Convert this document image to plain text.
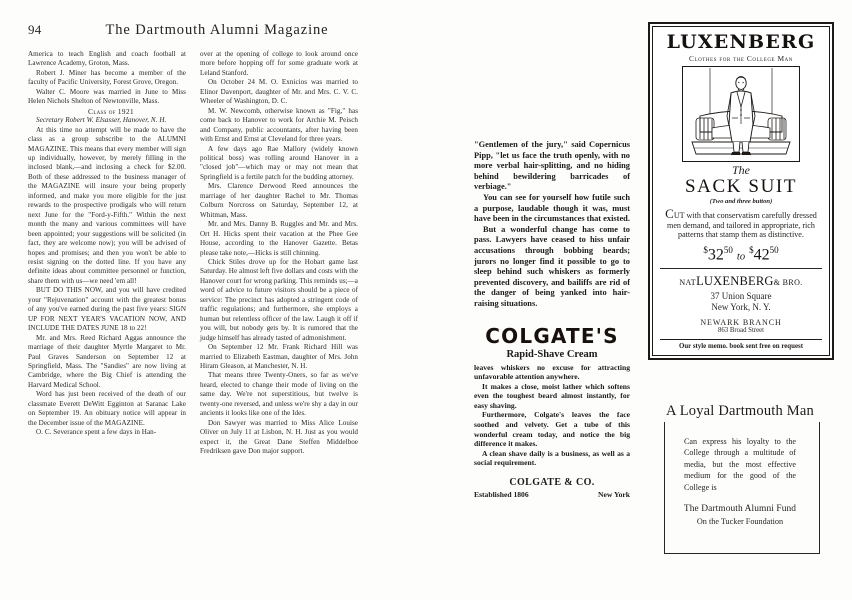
94	The Dartmouth Alumni Magazine

America to teach English and coach football at Lawrence Academy, Groton, Mass.

Robert J. Miner has become a member of the faculty of Pacific University, Forest Grove, Oregon.

Walter C. Moore was married in June to Miss Helen Nichols Shelton of Newtonville, Mass.

Class of 1921

Secretary Robert W. Elsasser, Hanover, N. H.

At this time no attempt will be made to have the class as a group subscribe to the ALUMNI MAGAZINE. This means that every member will sign up individually, however, by merely filling in the inclosed blank,—and inclosing a check for $2.00. Both of these addressed to the business manager of the MAGAZINE will insure your being properly informed, and make you more eligible for the just rewards to the prospective prodigals who will return next June for the "Ford-y-Fifth." Within the next month the many and various committees will have been appointed; your suggestions will be solicited (in fact, they are welcome now); you will be advised of hopes and promises; and then you won't be able to resist signing on the dotted line. If you have any definite ideas about committee personnel or function, share them with us—we need 'em all!

BUT DO THIS NOW, and you will have credited your "Rejuvenation" account with the greatest bonus of any you've earned during the past five years: SIGN UP FOR NEXT YEAR'S VACATION NOW, AND INCLUDE THE DATES JUNE 18 to 22!

Mr. and Mrs. Reed Richard Aggas announce the marriage of their daughter Myrtle Margaret to Mr. Paul Graves Sanderson on September 12 at Springfield, Mass. The "Sandies" are now living at Cambridge, where the Big Chief is attending the Harvard Medical School.

Word has just been received of the death of our classmate Everett DeWitt Egginton at Saranac Lake on September 19. An obituary notice will appear in the December issue of the MAGAZINE.

O. C. Severance spent a few days in Han-

over at the opening of college to look around once more before hopping off for some graduate work at Leland Stanford.

On October 24 M. O. Exnicios was married to Elinor Davenport, daughter of Mr. and Mrs. C. V. C. Wheeler of Washington, D. C.

M. W. Newcomb, otherwise known as "Fig," has come back to Hanover to work for Archie M. Peisch and Company, public accountants, after having been with Ernst and Ernst at Cleveland for three years.

A few days ago Rae Mallory (widely known political boss) was rolling around Hanover in a "closed job"—which may or may not mean that Springfield is a fertile patch for the budding attorney.

Mrs. Clarence Derwood Reed announces the marriage of her daughter Rachel to Mr. Thomas Colburn Norcross on Saturday, September 12, at Whitman, Mass.

Mr. and Mrs. Danny B. Ruggles and Mr. and Mrs. Ort H. Hicks spent their vacation at the Phee Gee House, according to the Hanover Gazette. Betas please take note,—Hicks is still chinning.

Chick Stiles drove up for the Hobart game last Saturday. He almost left five dollars and costs with the Hanover court for wrong parking. This reminds us;—a word of advice to future visitors should be a piece of service: The precinct has adopted a stringent code of traffic regulations; and furthermore, she employs a human but relentless officer of the law. Laugh it off if you will, but nobody gets by. It is rumored that the judge himself has already tasted of admonishment.

On September 12 Mr. Frank Richard Hill was married to Elizabeth Eastman, daughter of Mrs. John Hiram Gleason, at Manchester, N. H.

That means three Twenty-Oners, so far as we've heard, elected to change their mode of living on the same day. We're not superstitious, but twelve is twenty-one reversed, and unless we're shy a day in our ancients it looks like one of the Ides.

Don Sawyer was married to Miss Alice Louise Oliver on July 11 at Lisbon, N. H. Just as you would expect it, the Great Dane Steffen Middelboe Fredriksen gave Don major support.

"Gentlemen of the jury," said Copernicus Pipp, "let us face the truth openly, with no more verbal hair-splitting, and no hiding behind bewildering barricades of verbiage."

You can see for yourself how futile such a purpose, laudable though it was, must have been in the circumstances that existed.

But a wonderful change has come to pass. Lawyers have ceased to hiss unfair accusations through bobbing beards; jurors no longer find it possible to go to sleep behind such whiskers as formerly prevented discovery, and bailiffs are rid of the danger of being yanked into hair-raising situations.

COLGATE'S
Rapid-Shave Cream

leaves whiskers no excuse for attracting unfavorable attention anywhere.

It makes a close, moist lather which softens even the toughest beard almost instantly, for easy shaving.

Furthermore, Colgate's leaves the face soothed and velvety. Get a tube of this wonderful cream today, and notice the big difference it makes.

A clean shave daily is a business, as well as a social requirement.

COLGATE & CO.
Established 1806	New York
LUXENBERG
Clothes for the College Man
The
SACK SUIT
(Two and three button)
CUT with that conservatism carefully dressed men demand, and tailored in appropriate, rich patterns that stamp them as distinctive.
$^{\$}32^{50}$ to $^{\$}42^{50}$
NATLUXENBERG& BRO.
37 Union Square
New York, N. Y.
NEWARK BRANCH
863 Broad Street
Our style memo. book sent free on request
A Loyal Dartmouth Man
Can express his loyalty to the College through a multitude of media, but the most effective medium for the good of the College is
The Dartmouth Alumni Fund
On the Tucker Foundation
